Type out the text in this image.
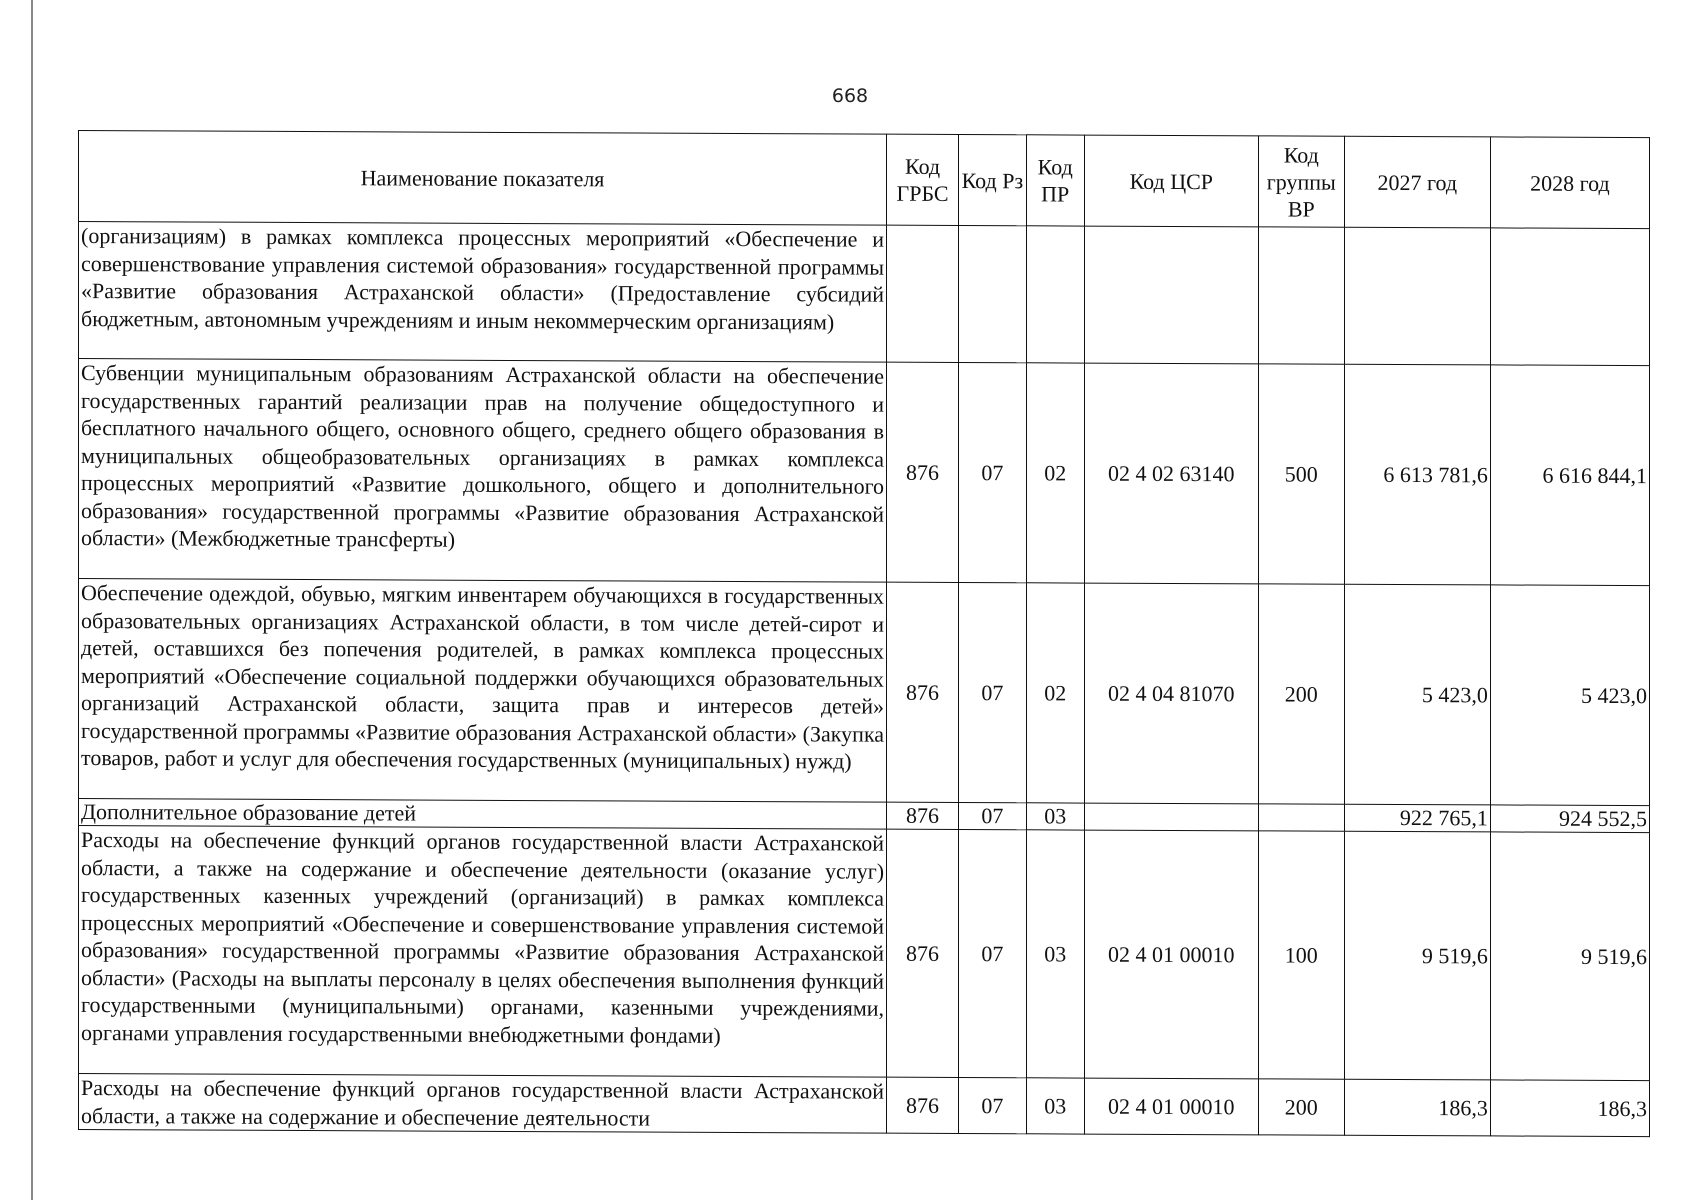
668
Наименование показателя	Код ГРБС	Код Рз	Код ПР	Код ЦСР	Код группы ВР	2027 год	2028 год
(организациям) в рамках комплекса процессных мероприятий «Обеспечение и совершенствование управления системой образования» государственной программы «Развитие образования Астраханской области» (Предоставление субсидий бюджетным, автономным учреждениям и иным некоммерческим организациям)							
Субвенции муниципальным образованиям Астраханской области на обеспечение государственных гарантий реализации прав на получение общедоступного и бесплатного начального общего, основного общего, среднего общего образования в муниципальных общеобразовательных организациях в рамках комплекса процессных мероприятий «Развитие дошкольного, общего и дополнительного образования» государственной программы «Развитие образования Астраханской области» (Межбюджетные трансферты)	876	07	02	02 4 02 63140	500	6 613 781,6	6 616 844,1
Обеспечение одеждой, обувью, мягким инвентарем обучающихся в государственных образовательных организациях Астраханской области, в том числе детей-сирот и детей, оставшихся без попечения родителей, в рамках комплекса процессных мероприятий «Обеспечение социальной поддержки обучающихся образовательных организаций Астраханской области, защита прав и интересов детей» государственной программы «Развитие образования Астраханской области» (Закупка товаров, работ и услуг для обеспечения государственных (муниципальных) нужд)	876	07	02	02 4 04 81070	200	5 423,0	5 423,0
Дополнительное образование детей	876	07	03			922 765,1	924 552,5
Расходы на обеспечение функций органов государственной власти Астраханской области, а также на содержание и обеспечение деятельности (оказание услуг) государственных казенных учреждений (организаций) в рамках комплекса процессных мероприятий «Обеспечение и совершенствование управления системой образования» государственной программы «Развитие образования Астраханской области» (Расходы на выплаты персоналу в целях обеспечения выполнения функций государственными (муниципальными) органами, казенными учреждениями, органами управления государственными внебюджетными фондами)	876	07	03	02 4 01 00010	100	9 519,6	9 519,6
Расходы на обеспечение функций органов государственной власти Астраханской области, а также на содержание и обеспечение деятельности	876	07	03	02 4 01 00010	200	186,3	186,3
